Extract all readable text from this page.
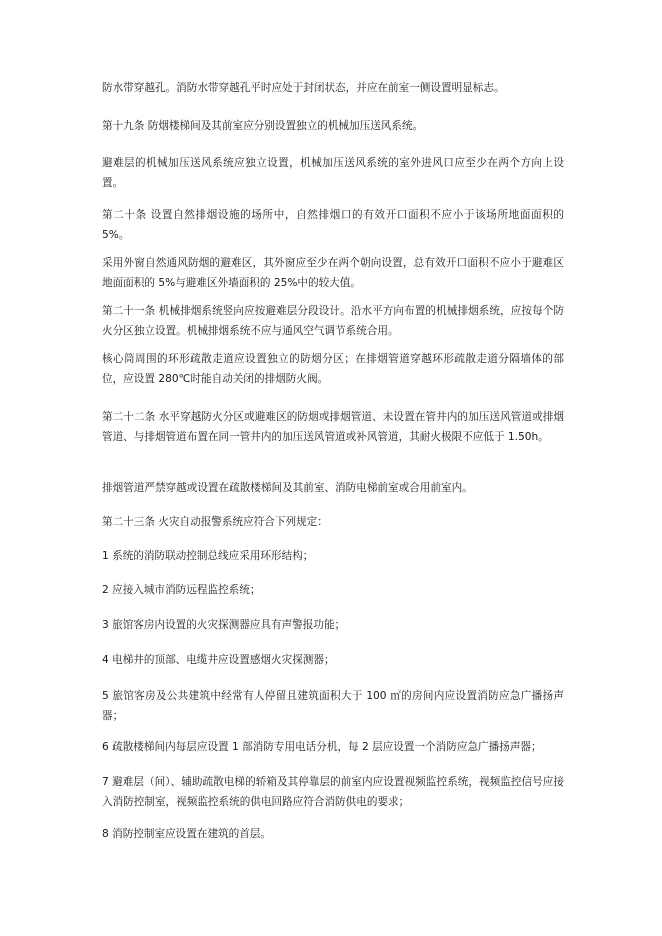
防水带穿越孔。消防水带穿越孔平时应处于封闭状态，并应在前室一侧设置明显标志。

第十九条 防烟楼梯间及其前室应分别设置独立的机械加压送风系统。

避难层的机械加压送风系统应独立设置，机械加压送风系统的室外进风口应至少在两个方向上设置。

第二十条 设置自然排烟设施的场所中，自然排烟口的有效开口面积不应小于该场所地面面积的 5%。

采用外窗自然通风防烟的避难区，其外窗应至少在两个朝向设置，总有效开口面积不应小于避难区地面面积的 5%与避难区外墙面积的 25%中的较大值。

第二十一条 机械排烟系统竖向应按避难层分段设计。沿水平方向布置的机械排烟系统，应按每个防火分区独立设置。机械排烟系统不应与通风空气调节系统合用。

核心筒周围的环形疏散走道应设置独立的防烟分区；在排烟管道穿越环形疏散走道分隔墙体的部位，应设置 280℃时能自动关闭的排烟防火阀。

第二十二条 水平穿越防火分区或避难区的防烟或排烟管道、未设置在管井内的加压送风管道或排烟管道、与排烟管道布置在同一管井内的加压送风管道或补风管道，其耐火极限不应低于 1.50h。

排烟管道严禁穿越或设置在疏散楼梯间及其前室、消防电梯前室或合用前室内。

第二十三条 火灾自动报警系统应符合下列规定：

1 系统的消防联动控制总线应采用环形结构；

2 应接入城市消防远程监控系统；

3 旅馆客房内设置的火灾探测器应具有声警报功能；

4 电梯井的顶部、电缆井应设置感烟火灾探测器；

5 旅馆客房及公共建筑中经常有人停留且建筑面积大于 100 ㎡的房间内应设置消防应急广播扬声器；

6 疏散楼梯间内每层应设置 1 部消防专用电话分机，每 2 层应设置一个消防应急广播扬声器；

7 避难层（间）、辅助疏散电梯的轿箱及其停靠层的前室内应设置视频监控系统，视频监控信号应接入消防控制室，视频监控系统的供电回路应符合消防供电的要求；

8 消防控制室应设置在建筑的首层。
